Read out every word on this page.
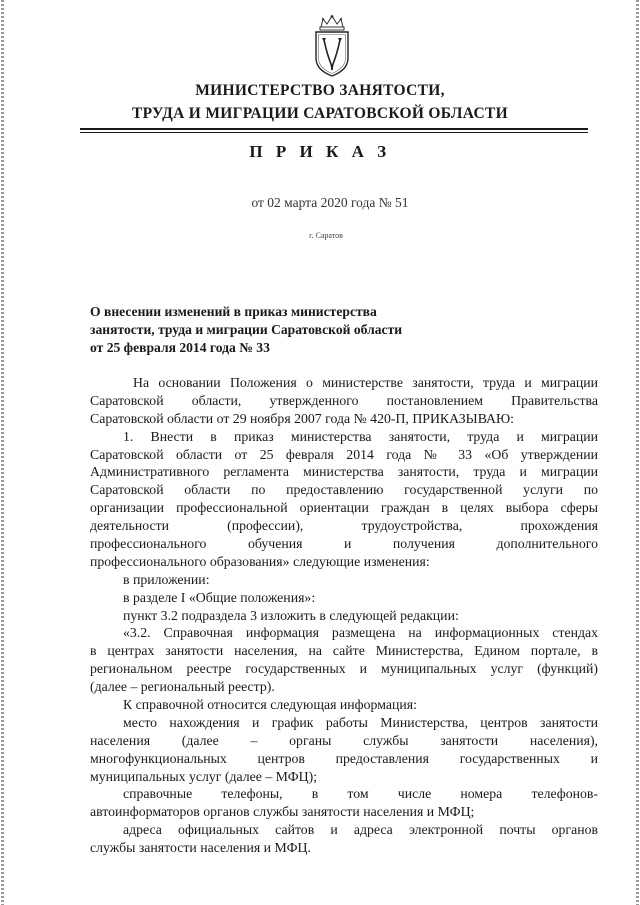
МИНИСТЕРСТВО ЗАНЯТОСТИ,
ТРУДА И МИГРАЦИИ САРАТОВСКОЙ ОБЛАСТИ
П Р И К А З
от 02 марта 2020 года № 51
г. Саратов
О внесении изменений в приказ министерства
занятости, труда и миграции Саратовской области
от 25 февраля 2014 года № 33
На основании Положения о министерстве занятости, труда и миграции
Саратовской области, утвержденного постановлением Правительства
Саратовской области от 29 ноября 2007 года № 420-П, ПРИКАЗЫВАЮ:
1. Внести в приказ министерства занятости, труда и миграции
Саратовской области от 25 февраля 2014 года № 33 «Об утверждении
Административного регламента министерства занятости, труда и миграции
Саратовской области по предоставлению государственной услуги по
организации профессиональной ориентации граждан в целях выбора сферы
деятельности (профессии), трудоустройства, прохождения
профессионального обучения и получения дополнительного
профессионального образования» следующие изменения:
в приложении:
в разделе I «Общие положения»:
пункт 3.2 подраздела 3 изложить в следующей редакции:
«3.2. Справочная информация размещена на информационных стендах
в центрах занятости населения, на сайте Министерства, Едином портале, в
региональном реестре государственных и муниципальных услуг (функций)
(далее – региональный реестр).
К справочной относится следующая информация:
место нахождения и график работы Министерства, центров занятости
населения (далее – органы службы занятости населения),
многофункциональных центров предоставления государственных и
муниципальных услуг (далее – МФЦ);
справочные телефоны, в том числе номера телефонов-
автоинформаторов органов службы занятости населения и МФЦ;
адреса официальных сайтов и адреса электронной почты органов
службы занятости населения и МФЦ.
